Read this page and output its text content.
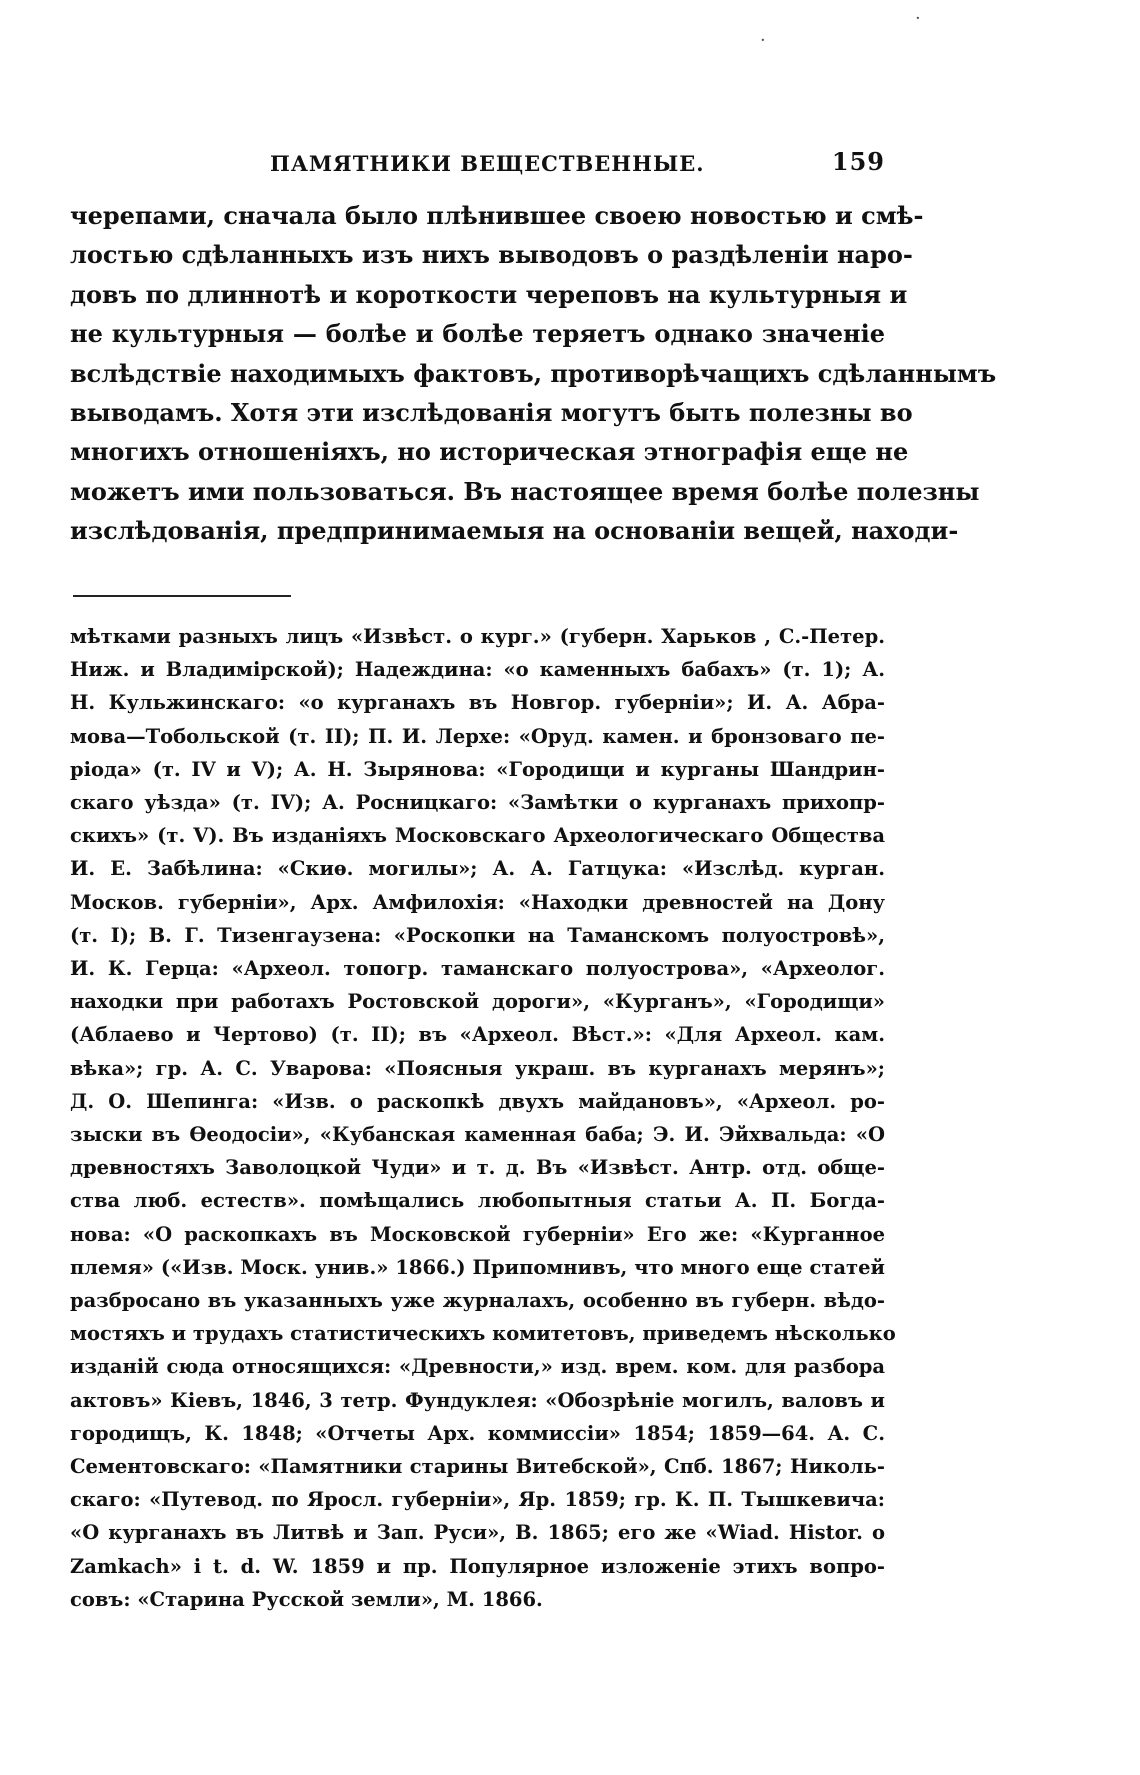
ПАМЯТНИКИ ВЕЩЕСТВЕННЫЕ.	159
черепами, сначала было плѣнившее своею новостью и смѣ-
лостью сдѣланныхъ изъ нихъ выводовъ о раздѣленіи наро-
довъ по длиннотѣ и короткости череповъ на культурныя и
не культурныя — болѣе и болѣе теряетъ однако значеніе
вслѣдствіе находимыхъ фактовъ, противорѣчащихъ сдѣланнымъ
выводамъ. Хотя эти изслѣдованія могутъ быть полезны во
многихъ отношеніяхъ, но историческая этнографія еще не
можетъ ими пользоваться. Въ настоящее время болѣе полезны
изслѣдованія, предпринимаемыя на основаніи вещей, находи-
мѣтками разныхъ лицъ «Извѣст. о кург.» (губерн. Харьков , С.-Петер.
Ниж. и Владимірской); Надеждина: «о каменныхъ бабахъ» (т. 1); А.
Н. Кульжинскаго: «о курганахъ въ Новгор. губерніи»; И. А. Абра-
мова—Тобольской (т. II); П. И. Лерхе: «Оруд. камен. и бронзоваго пе-
ріода» (т. IV и V); А. Н. Зырянова: «Городищи и курганы Шандрин-
скаго уѣзда» (т. IV); А. Росницкаго: «Замѣтки о курганахъ прихопр-
скихъ» (т. V). Въ изданіяхъ Московскаго Археологическаго Общества
И. Е. Забѣлина: «Скиѳ. могилы»; А. А. Гатцука: «Изслѣд. курган.
Москов. губерніи», Арх. Амфилохія: «Находки древностей на Дону
(т. I); В. Г. Тизенгаузена: «Роскопки на Таманскомъ полуостровѣ»,
И. К. Герца: «Археол. топогр. таманскаго полуострова», «Археолог.
находки при работахъ Ростовской дороги», «Курганъ», «Городищи»
(Аблаево и Чертово) (т. II); въ «Археол. Вѣст.»: «Для Археол. кам.
вѣка»; гр. А. С. Уварова: «Поясныя украш. въ курганахъ мерянъ»;
Д. О. Шепинга: «Изв. о раскопкѣ двухъ майдановъ», «Археол. ро-
зыски въ Ѳеодосіи», «Кубанская каменная баба; Э. И. Эйхвальда: «О
древностяхъ Заволоцкой Чуди» и т. д. Въ «Извѣст. Антр. отд. обще-
ства люб. естеств». помѣщались любопытныя статьи А. П. Богда-
нова: «О раскопкахъ въ Московской губерніи» Его же: «Курганное
племя» («Изв. Моск. унив.» 1866.) Припомнивъ, что много еще статей
разбросано въ указанныхъ уже журналахъ, особенно въ губерн. вѣдо-
мостяхъ и трудахъ статистическихъ комитетовъ, приведемъ нѣсколько
изданій сюда относящихся: «Древности,» изд. врем. ком. для разбора
актовъ» Кіевъ, 1846, 3 тетр. Фундуклея: «Обозрѣніе могилъ, валовъ и
городищъ, К. 1848; «Отчеты Арх. коммиссіи» 1854; 1859—64. А. С.
Сементовскаго: «Памятники старины Витебской», Спб. 1867; Николь-
скаго: «Путевод. по Яросл. губерніи», Яр. 1859; гр. К. П. Тышкевича:
«О курганахъ въ Литвѣ и Зап. Руси», В. 1865; его же «Wiad. Histor. o
Zamkach» i t. d. W. 1859 и пр. Популярное изложеніе этихъ вопро-
совъ: «Старина Русской земли», М. 1866.
·
·
